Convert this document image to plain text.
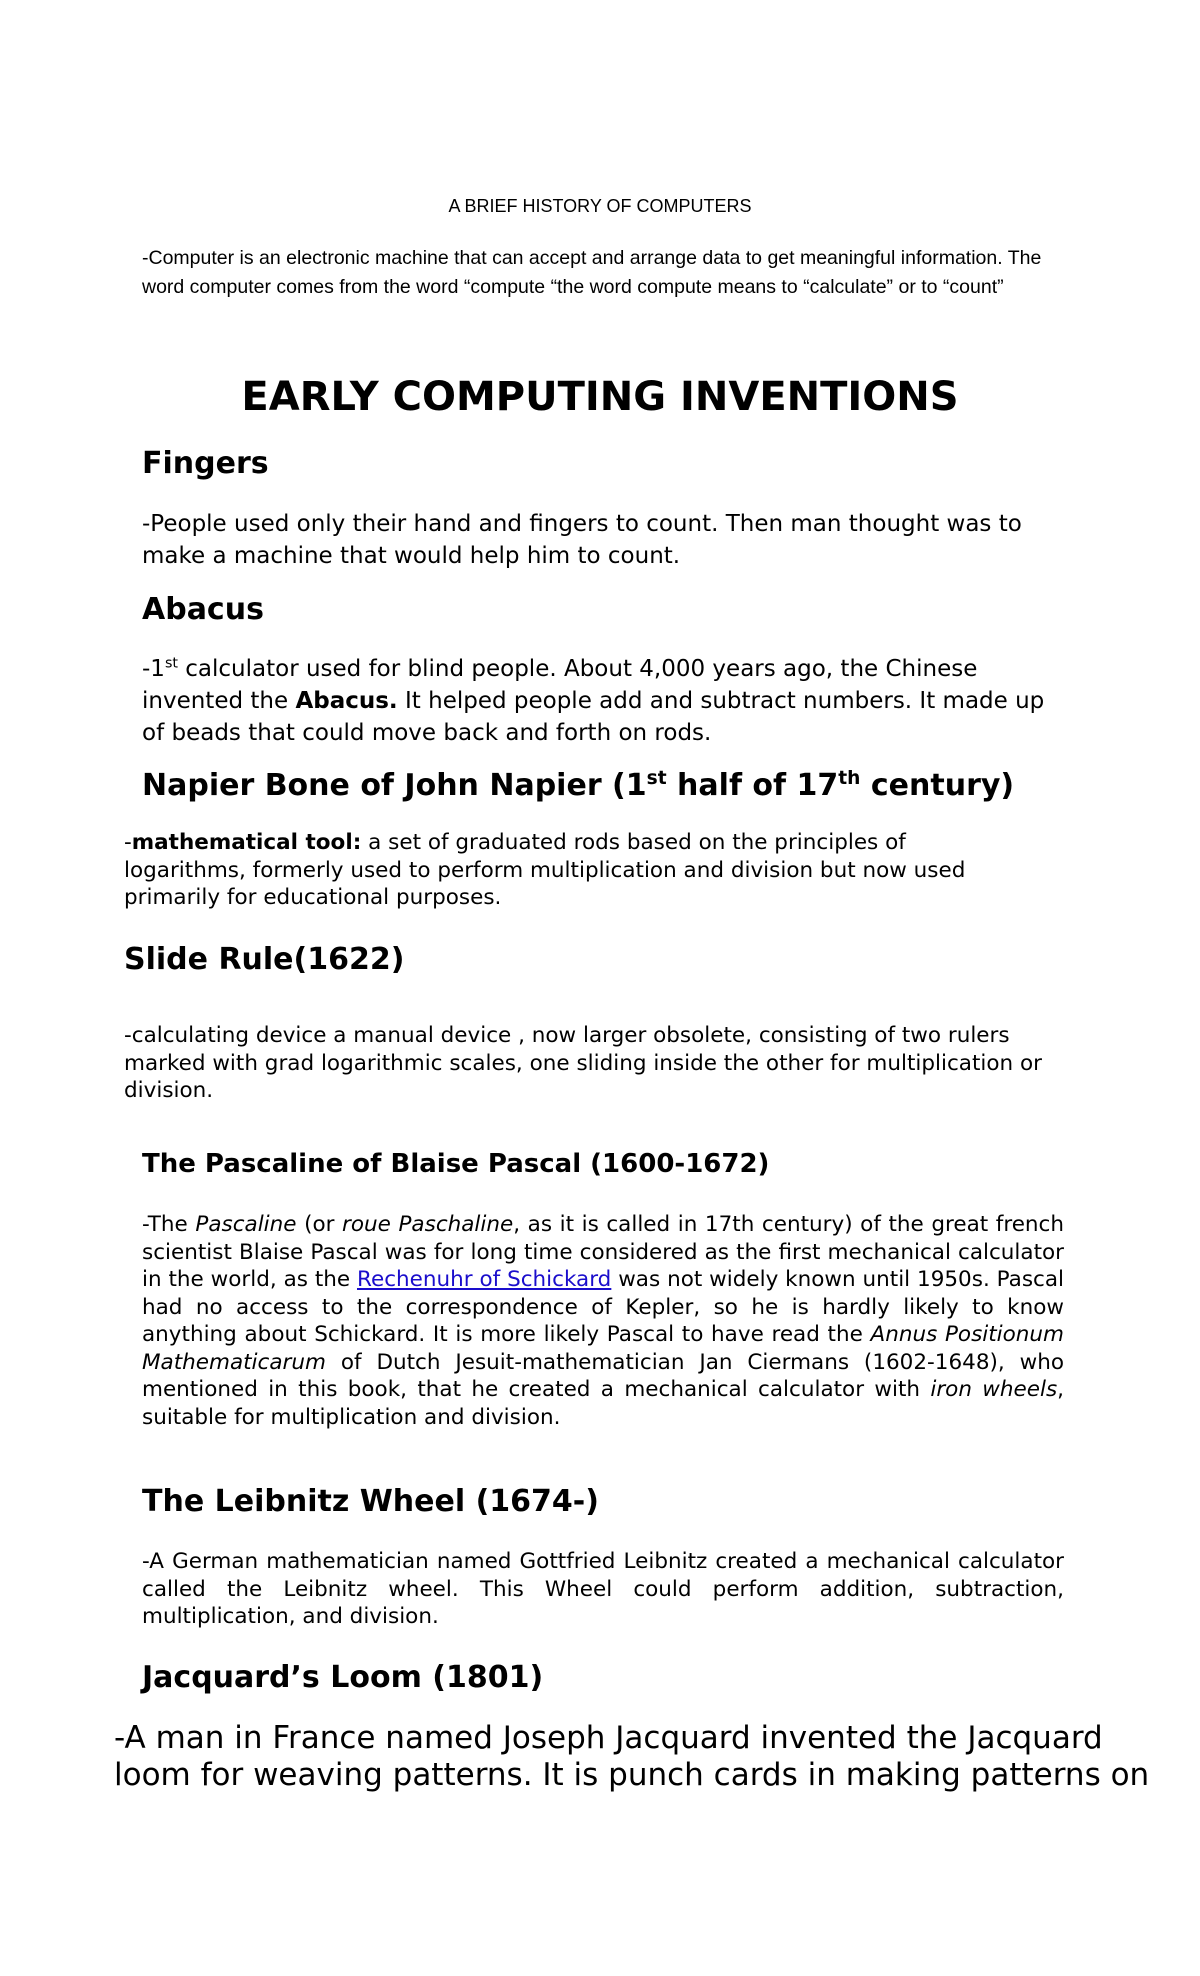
A BRIEF HISTORY OF COMPUTERS

-Computer is an electronic machine that can accept and arrange data to get meaningful information. The word computer comes from the word “compute “the word compute means to “calculate” or to “count”

EARLY COMPUTING INVENTIONS
Fingers

-People used only their hand and fingers to count. Then man thought was to make a machine that would help him to count.

Abacus

-1st calculator used for blind people. About 4,000 years ago, the Chinese invented the Abacus. It helped people add and subtract numbers. It made up of beads that could move back and forth on rods.

Napier Bone of John Napier (1st half of 17th century)

-mathematical tool: a set of graduated rods based on the principles of logarithms, formerly used to perform multiplication and division but now used primarily for educational purposes.

Slide Rule(1622)

-calculating device a manual device , now larger obsolete, consisting of two rulers marked with grad logarithmic scales, one sliding inside the other for multiplication or division.

The Pascaline of Blaise Pascal (1600-1672)

-The Pascaline (or roue Paschaline, as it is called in 17th century) of the great french scientist Blaise Pascal was for long time considered as the first mechanical calculator in the world, as the Rechenuhr of Schickard was not widely known until 1950s. Pascal had no access to the correspondence of Kepler, so he is hardly likely to know anything about Schickard. It is more likely Pascal to have read the Annus Positionum Mathematicarum of Dutch Jesuit-mathematician Jan Ciermans (1602-1648), who mentioned in this book, that he created a mechanical calculator with iron wheels, suitable for multiplication and division.

The Leibnitz Wheel (1674-)

-A German mathematician named Gottfried Leibnitz created a mechanical calculator called the Leibnitz wheel. This Wheel could perform addition, subtraction, multiplication, and division.

Jacquard’s Loom (1801)

-A man in France named Joseph Jacquard invented the Jacquard
loom for weaving patterns. It is punch cards in making patterns on
